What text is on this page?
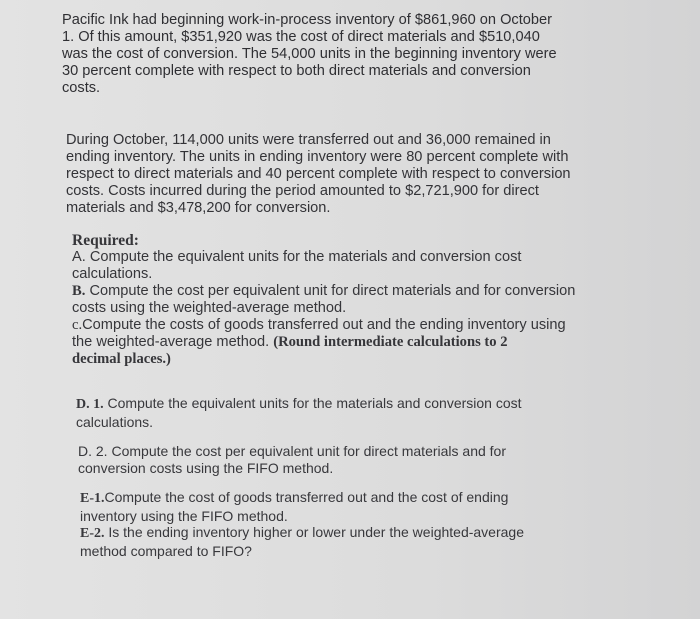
Pacific Ink had beginning work-in-process inventory of $861,960 on October
1. Of this amount, $351,920 was the cost of direct materials and $510,040
was the cost of conversion. The 54,000 units in the beginning inventory were
30 percent complete with respect to both direct materials and conversion
costs.
During October, 114,000 units were transferred out and 36,000 remained in
ending inventory. The units in ending inventory were 80 percent complete with
respect to direct materials and 40 percent complete with respect to conversion
costs. Costs incurred during the period amounted to $2,721,900 for direct
materials and $3,478,200 for conversion.
Required:
A. Compute the equivalent units for the materials and conversion cost
calculations.
B. Compute the cost per equivalent unit for direct materials and for conversion
costs using the weighted-average method.
c.Compute the costs of goods transferred out and the ending inventory using
the weighted-average method. (Round intermediate calculations to 2
decimal places.)
D. 1. Compute the equivalent units for the materials and conversion cost
calculations.
D. 2. Compute the cost per equivalent unit for direct materials and for
conversion costs using the FIFO method.
E-1.Compute the cost of goods transferred out and the cost of ending
inventory using the FIFO method.
E-2. Is the ending inventory higher or lower under the weighted-average
method compared to FIFO?
